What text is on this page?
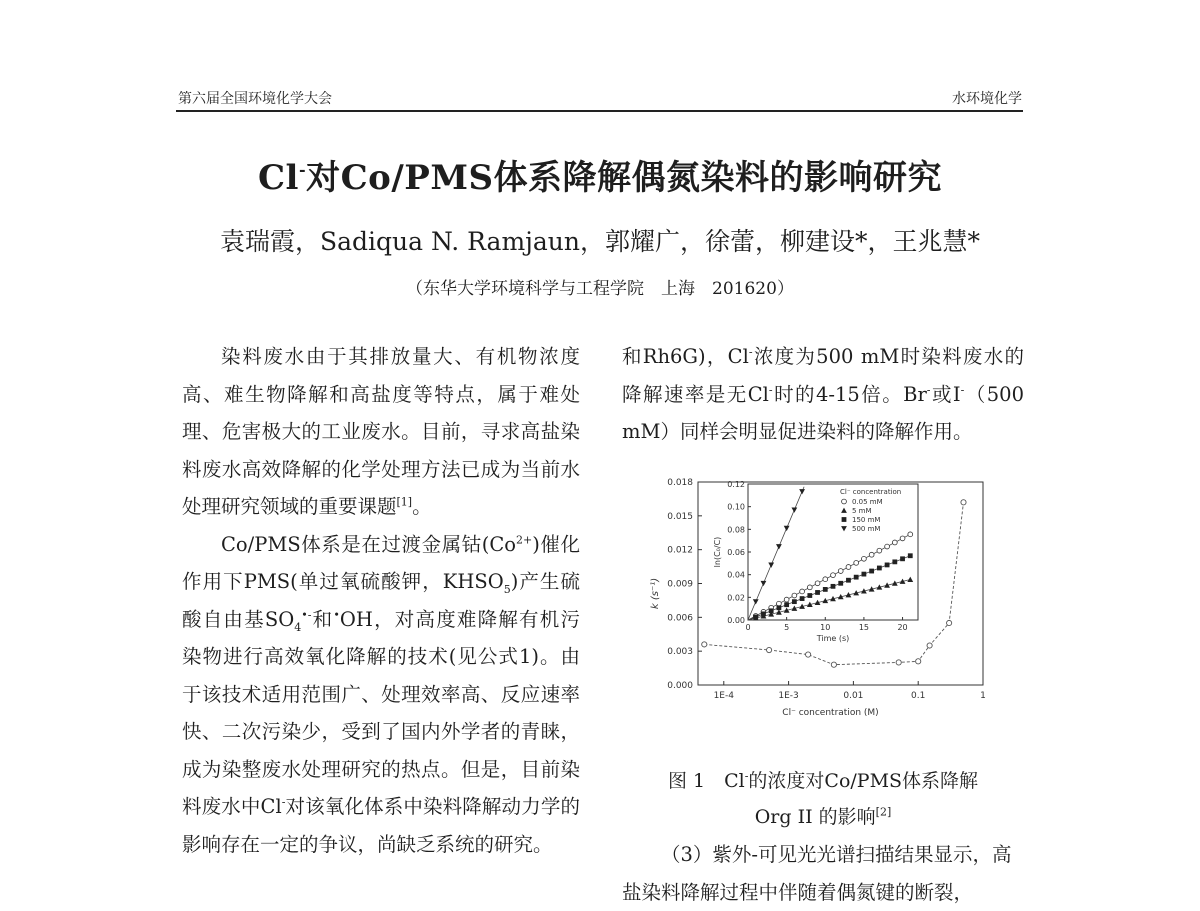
第六届全国环境化学大会	水环境化学
Cl-对Co/PMS体系降解偶氮染料的影响研究
袁瑞霞，Sadiqua N. Ramjaun，郭耀广，徐蕾，柳建设*，王兆慧*
（东华大学环境科学与工程学院　上海　201620）

染料废水由于其排放量大、有机物浓度高、难生物降解和高盐度等特点，属于难处理、危害极大的工业废水。目前，寻求高盐染料废水高效降解的化学处理方法已成为当前水处理研究领域的重要课题[1]。

Co/PMS体系是在过渡金属钴$(Co^{2+})$催化作用下PMS(单过氧硫酸钾，$KHSO_5$)产生硫酸自由基$SO_4^{•-}$和•OH，对高度难降解有机污染物进行高效氧化降解的技术(见公式1)。由于该技术适用范围广、处理效率高、反应速率快、二次污染少，受到了国内外学者的青睐，成为染整废水处理研究的热点。但是，目前染料废水中Cl-对该氧化体系中染料降解动力学的影响存在一定的争议，尚缺乏系统的研究。

和Rh6G)，Cl-浓度为500 mM时染料废水的降解速率是无Cl-时的4-15倍。Br-或I-（500 mM）同样会明显促进染料的降解作用。

0.000
0.003
0.006
0.009
0.012
0.015
0.018
1E-4	1E-3	0.01	0.1	1
Cl⁻ concentration (M)
k (s⁻¹)
0.00
0.02
0.04
0.06
0.08
0.10
0.12
0	5	10	15	20
Time (s)
ln(C₀/C)
Cl⁻ concentration
0.05 mM
5 mM
150 mM
500 mM
图 1　Cl-的浓度对Co/PMS体系降解
Org II 的影响[2]
（3）紫外-可见光光谱扫描结果显示，高盐染料降解过程中伴随着偶氮键的断裂，
